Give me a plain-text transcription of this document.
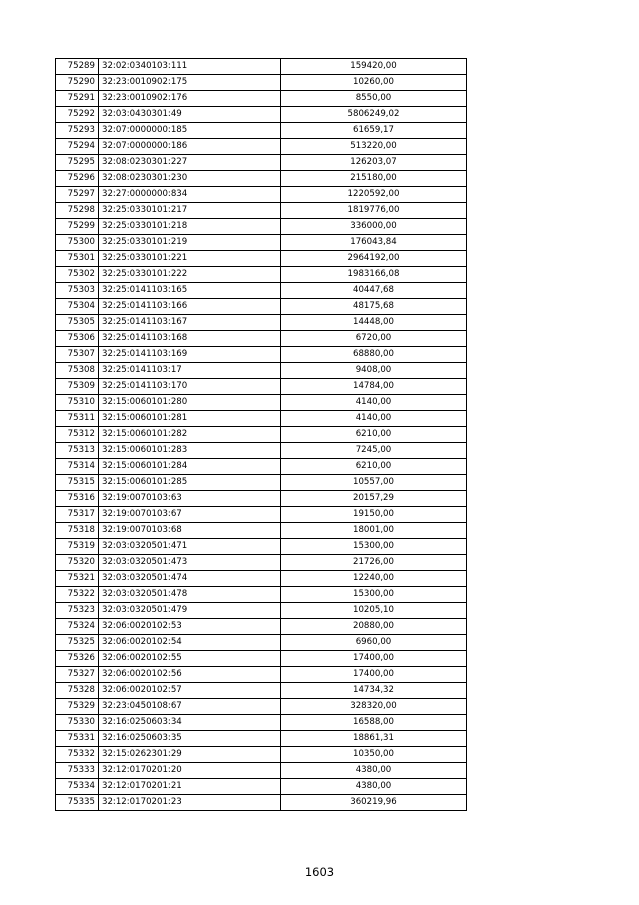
75289	32:02:0340103:111	159420,00
75290	32:23:0010902:175	10260,00
75291	32:23:0010902:176	8550,00
75292	32:03:0430301:49	5806249,02
75293	32:07:0000000:185	61659,17
75294	32:07:0000000:186	513220,00
75295	32:08:0230301:227	126203,07
75296	32:08:0230301:230	215180,00
75297	32:27:0000000:834	1220592,00
75298	32:25:0330101:217	1819776,00
75299	32:25:0330101:218	336000,00
75300	32:25:0330101:219	176043,84
75301	32:25:0330101:221	2964192,00
75302	32:25:0330101:222	1983166,08
75303	32:25:0141103:165	40447,68
75304	32:25:0141103:166	48175,68
75305	32:25:0141103:167	14448,00
75306	32:25:0141103:168	6720,00
75307	32:25:0141103:169	68880,00
75308	32:25:0141103:17	9408,00
75309	32:25:0141103:170	14784,00
75310	32:15:0060101:280	4140,00
75311	32:15:0060101:281	4140,00
75312	32:15:0060101:282	6210,00
75313	32:15:0060101:283	7245,00
75314	32:15:0060101:284	6210,00
75315	32:15:0060101:285	10557,00
75316	32:19:0070103:63	20157,29
75317	32:19:0070103:67	19150,00
75318	32:19:0070103:68	18001,00
75319	32:03:0320501:471	15300,00
75320	32:03:0320501:473	21726,00
75321	32:03:0320501:474	12240,00
75322	32:03:0320501:478	15300,00
75323	32:03:0320501:479	10205,10
75324	32:06:0020102:53	20880,00
75325	32:06:0020102:54	6960,00
75326	32:06:0020102:55	17400,00
75327	32:06:0020102:56	17400,00
75328	32:06:0020102:57	14734,32
75329	32:23:0450108:67	328320,00
75330	32:16:0250603:34	16588,00
75331	32:16:0250603:35	18861,31
75332	32:15:0262301:29	10350,00
75333	32:12:0170201:20	4380,00
75334	32:12:0170201:21	4380,00
75335	32:12:0170201:23	360219,96
1603
